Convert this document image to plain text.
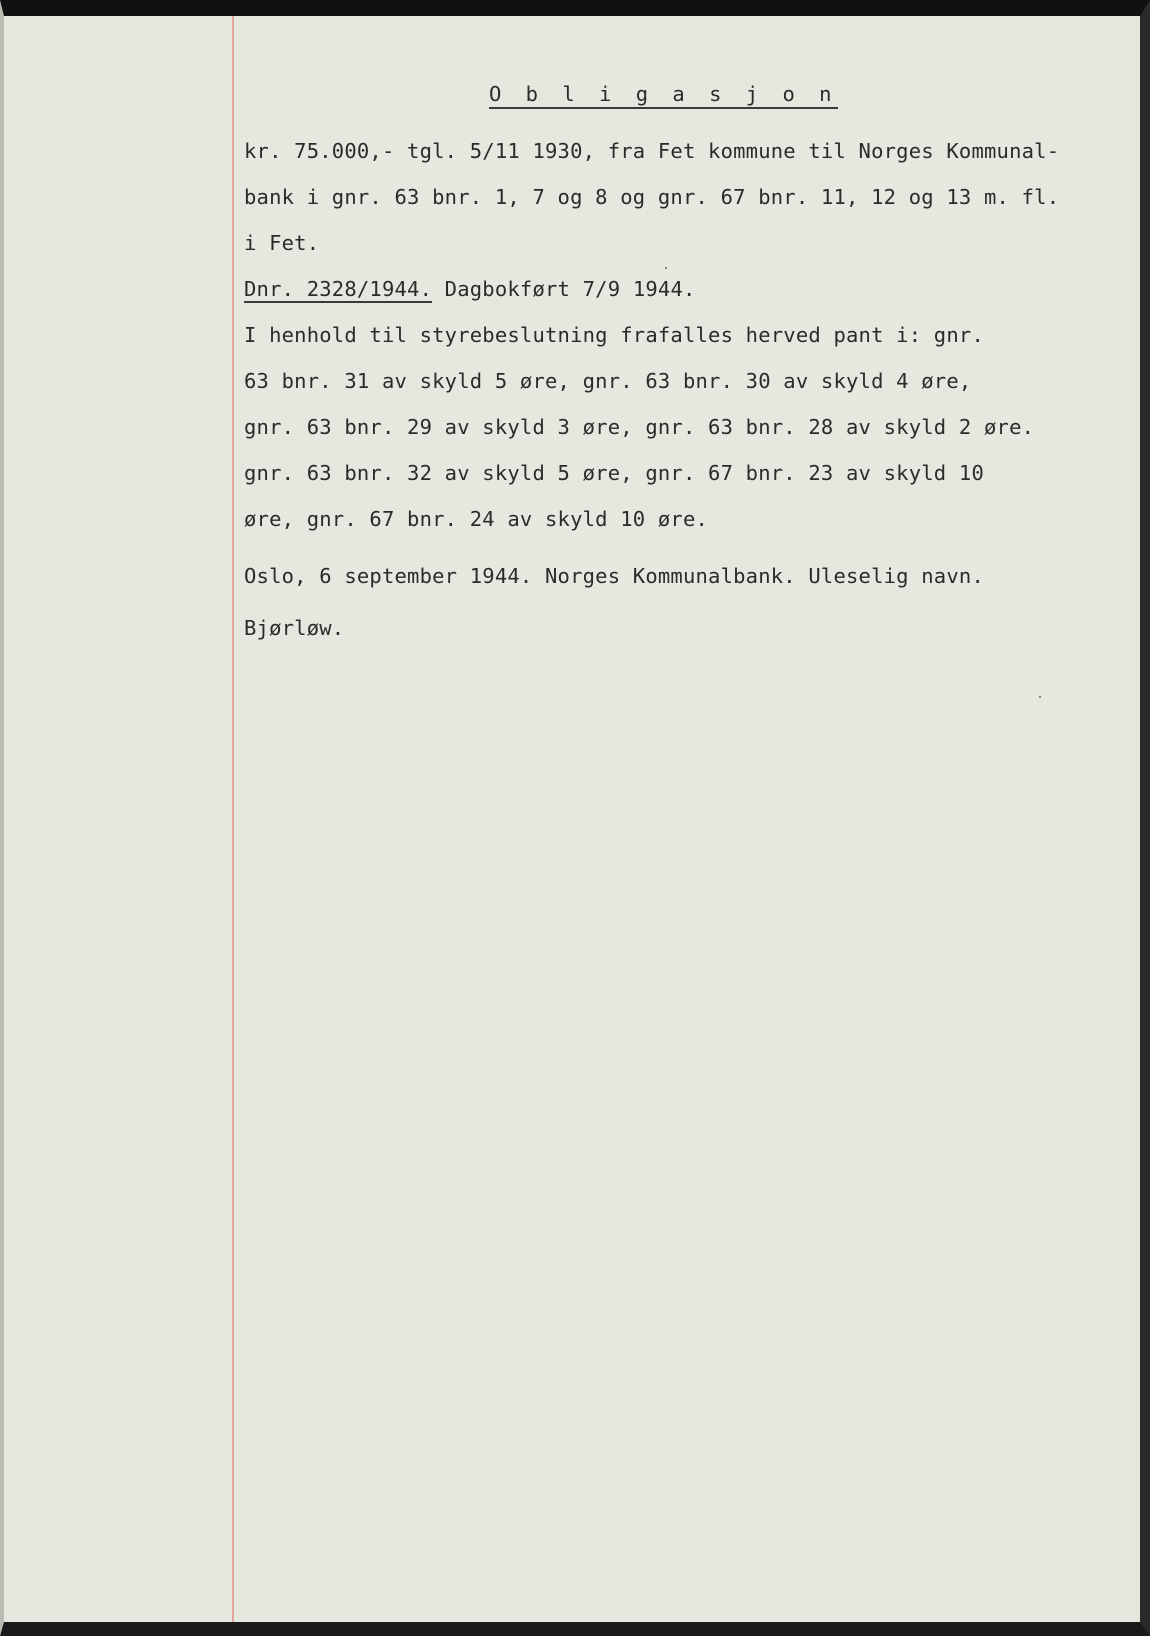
O b l i g a s j o n
kr. 75.000,- tgl. 5/11 1930, fra Fet kommune til Norges Kommunal-
bank i gnr. 63 bnr. 1, 7 og 8 og gnr. 67 bnr. 11, 12 og 13 m. fl.
i Fet.
Dnr. 2328/1944. Dagbokført 7/9 1944.
I henhold til styrebeslutning frafalles herved pant i: gnr.
63 bnr. 31 av skyld 5 øre, gnr. 63 bnr. 30 av skyld 4 øre,
gnr. 63 bnr. 29 av skyld 3 øre, gnr. 63 bnr. 28 av skyld 2 øre.
gnr. 63 bnr. 32 av skyld 5 øre, gnr. 67 bnr. 23 av skyld 10
øre, gnr. 67 bnr. 24 av skyld 10 øre.
Oslo, 6 september 1944. Norges Kommunalbank. Uleselig navn.
Bjørløw.
